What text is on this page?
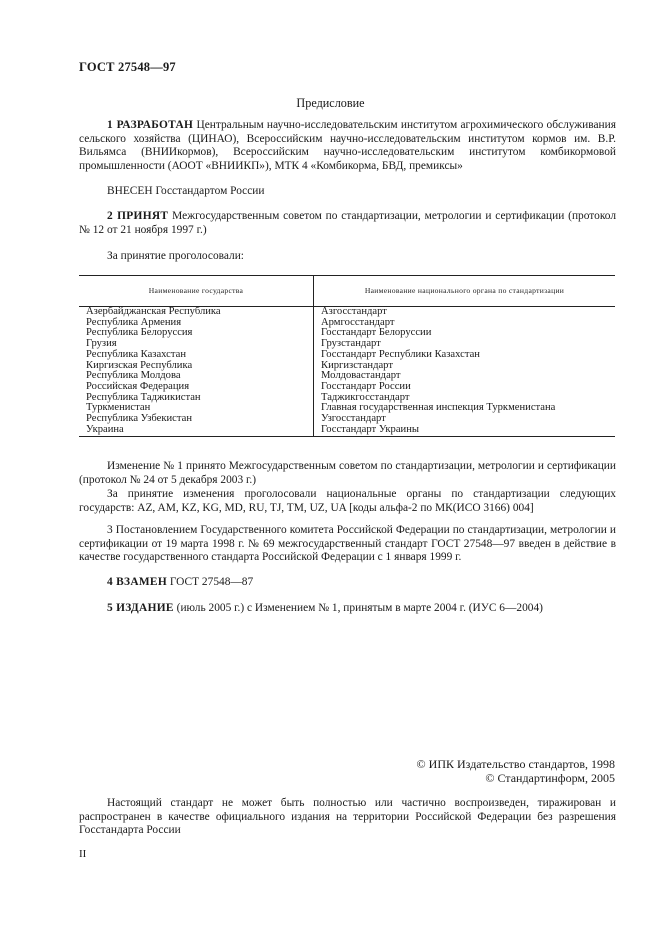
ГОСТ 27548—97
Предисловие
1 РАЗРАБОТАН Центральным научно-исследовательским институтом агрохимического обслуживания сельского хозяйства (ЦИНАО), Всероссийским научно-исследовательским институтом кормов им. В.Р. Вильямса (ВНИИкормов), Всероссийским научно-исследовательским институтом комбикормовой промышленности (АООТ «ВНИИКП»), МТК 4 «Комбикорма, БВД, премиксы»
ВНЕСЕН Госстандартом России
2 ПРИНЯТ Межгосударственным советом по стандартизации, метрологии и сертификации (протокол № 12 от 21 ноября 1997 г.)
За принятие проголосовали:
Наименование государства	Наименование национального органа по стандартизации
Азербайджанская Республика	Азгосстандарт
Республика Армения	Армгосстандарт
Республика Белоруссия	Госстандарт Белоруссии
Грузия	Грузстандарт
Республика Казахстан	Госстандарт Республики Казахстан
Киргизская Республика	Киргизстандарт
Республика Молдова	Молдовастандарт
Российская Федерация	Госстандарт России
Республика Таджикистан	Таджикгосстандарт
Туркменистан	Главная государственная инспекция Туркменистана
Республика Узбекистан	Узгосстандарт
Украина	Госстандарт Украины
Изменение № 1 принято Межгосударственным советом по стандартизации, метрологии и сертификации (протокол № 24 от 5 декабря 2003 г.)
За принятие изменения проголосовали национальные органы по стандартизации следующих государств: AZ, AM, KZ, KG, MD, RU, TJ, TM, UZ, UA [коды альфа-2 по МК(ИСО 3166) 004]
3 Постановлением Государственного комитета Российской Федерации по стандартизации, метрологии и сертификации от 19 марта 1998 г. № 69 межгосударственный стандарт ГОСТ 27548—97 введен в действие в качестве государственного стандарта Российской Федерации с 1 января 1999 г.
4 ВЗАМЕН ГОСТ 27548—87
5 ИЗДАНИЕ (июль 2005 г.) с Изменением № 1, принятым в марте 2004 г. (ИУС 6—2004)
© ИПК Издательство стандартов, 1998
© Стандартинформ, 2005
Настоящий стандарт не может быть полностью или частично воспроизведен, тиражирован и распространен в качестве официального издания на территории Российской Федерации без разрешения Госстандарта России
II
